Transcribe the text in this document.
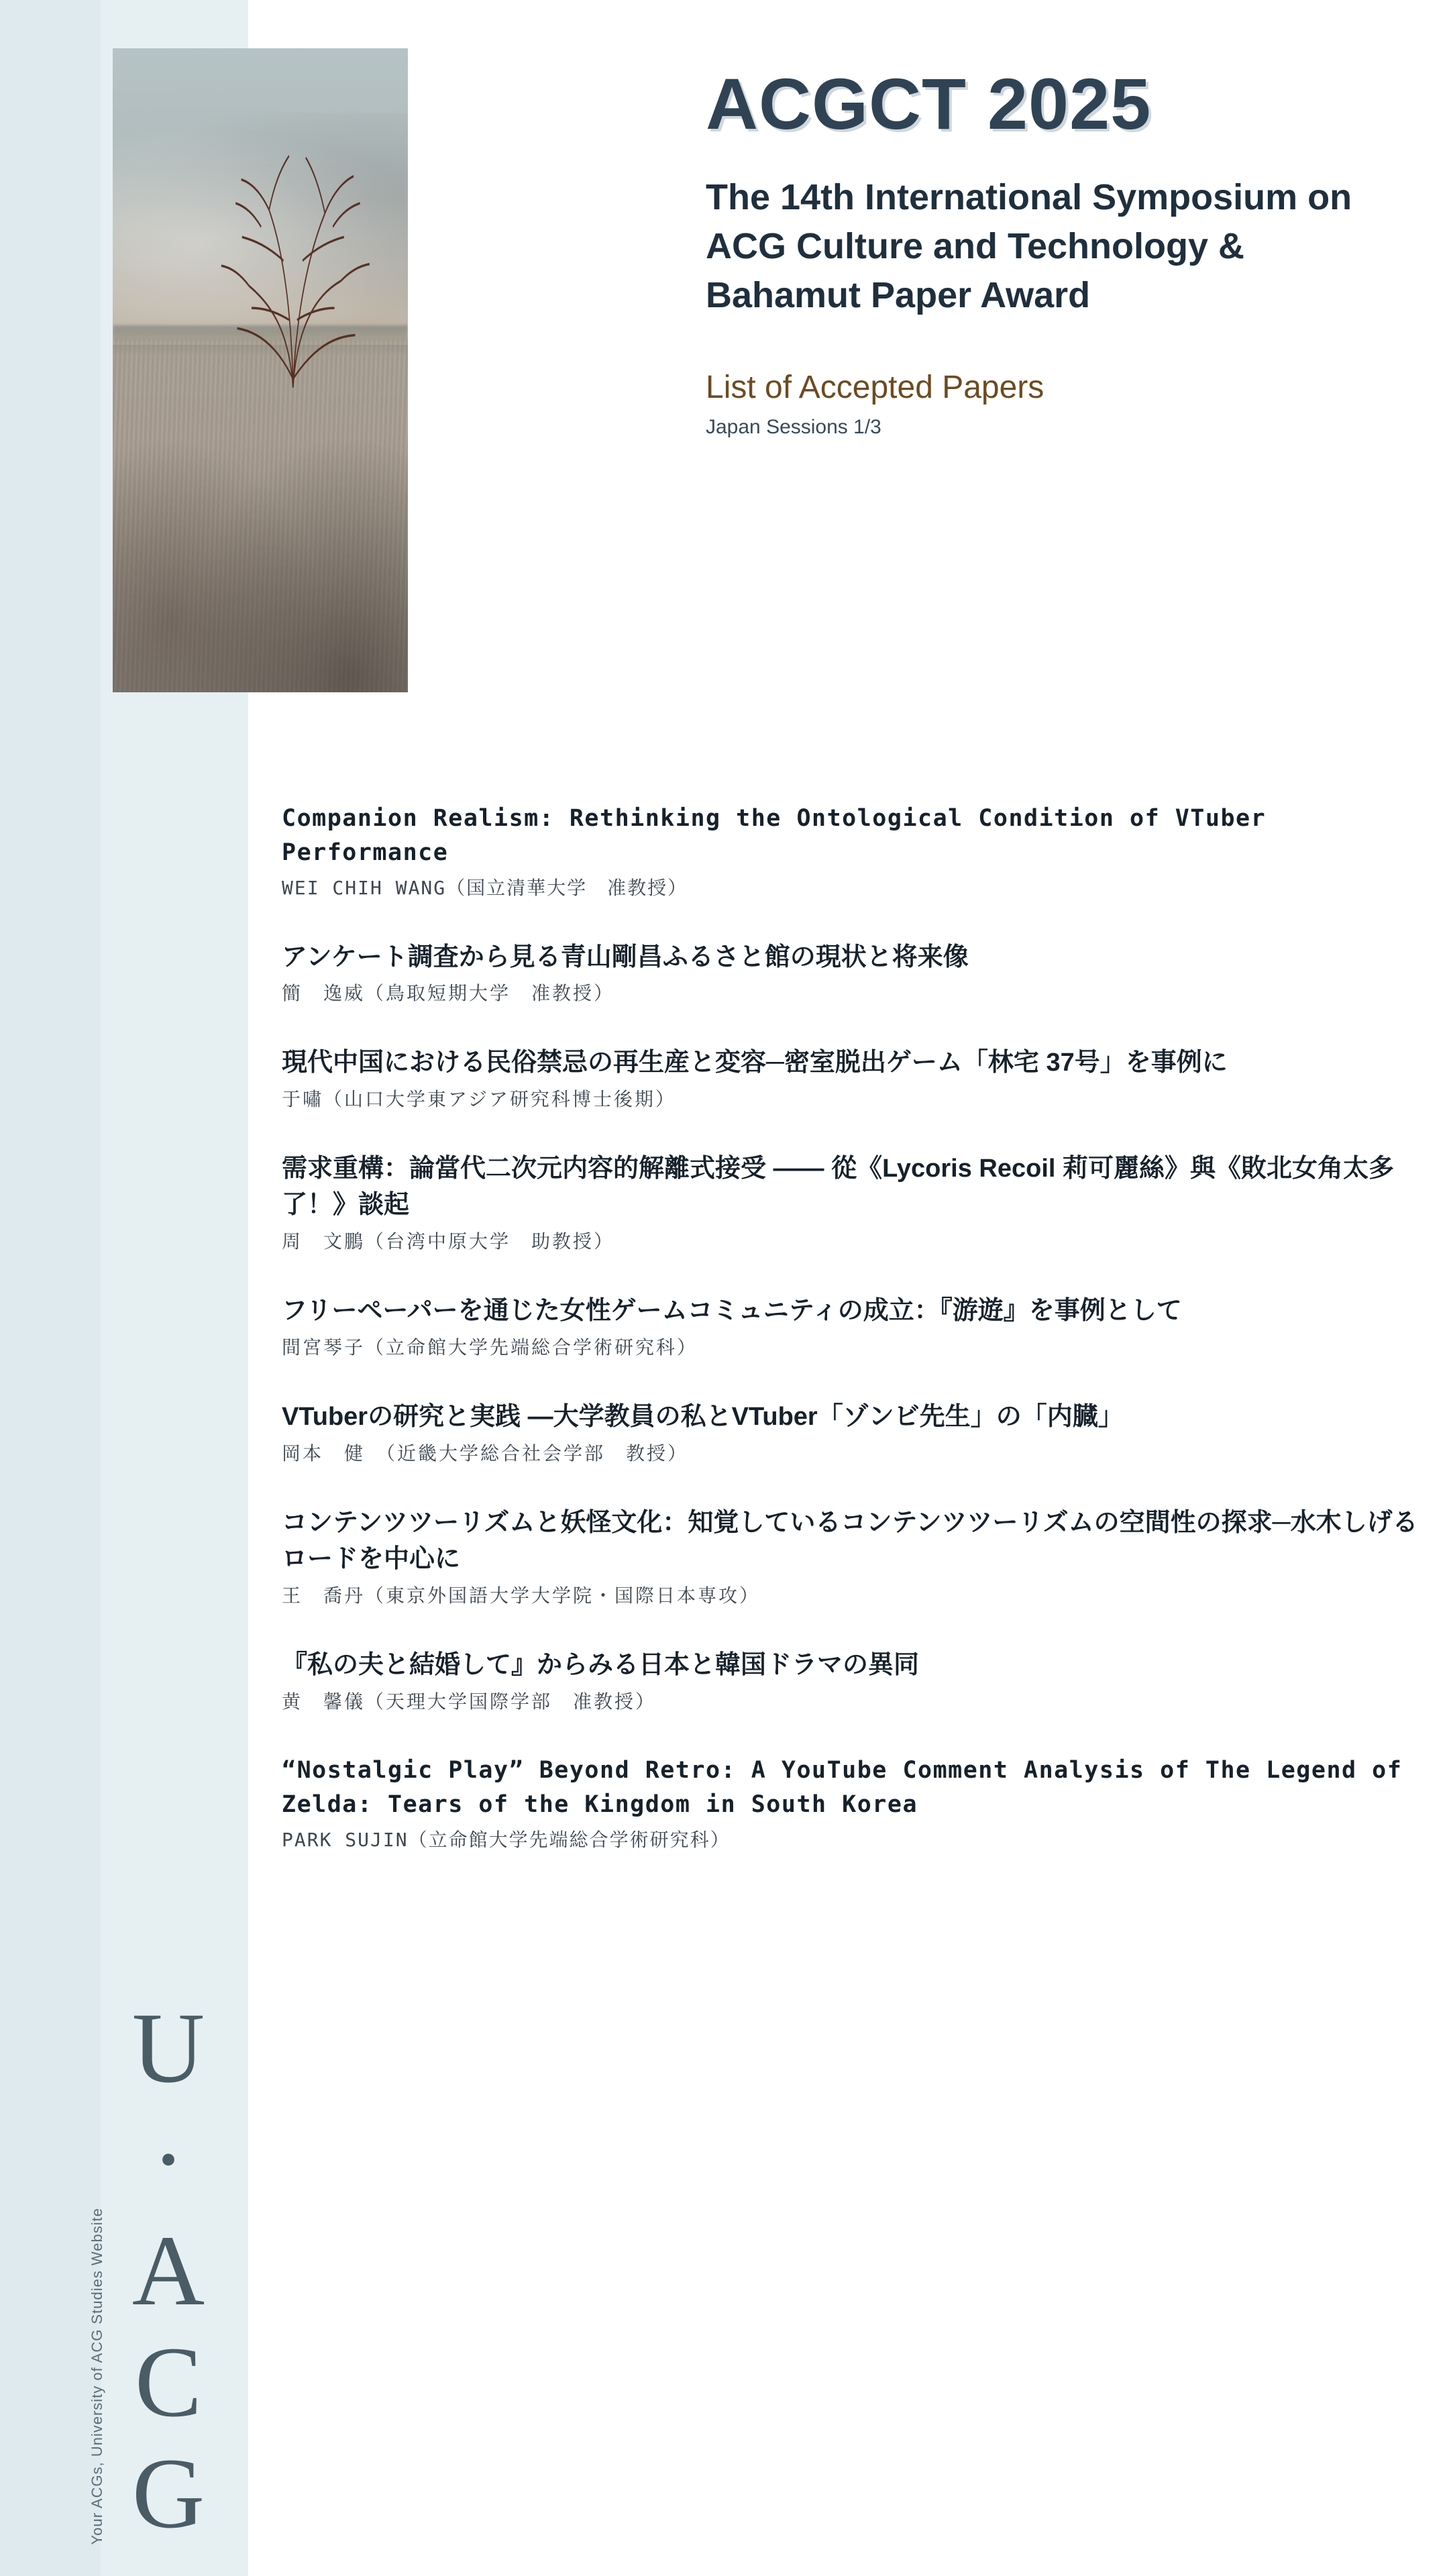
ACGCT 2025
The 14th International Symposium on ACG Culture and Technology & Bahamut Paper Award
List of Accepted Papers
Japan Sessions 1/3

Companion Realism: Rethinking the Ontological Condition of VTuber Performance

WEI CHIH WANG（国立清華大学　准教授）

アンケート調査から見る青山剛昌ふるさと館の現状と将来像

簡　逸威（鳥取短期大学　准教授）

現代中国における民俗禁忌の再生産と変容─密室脱出ゲーム「林宅 37号」を事例に

于嘯（山口大学東アジア研究科博士後期）

需求重構：論當代二次元内容的解離式接受 ―― 從《Lycoris Recoil 莉可麗絲》與《敗北女角太多了！》談起

周　文鵬（台湾中原大学　助教授）

フリーペーパーを通じた女性ゲームコミュニティの成立：『游遊』を事例として

間宮琴子（立命館大学先端総合学術研究科）

VTuberの研究と実践 ―大学教員の私とVTuber「ゾンビ先生」の「内臓」

岡本　健　（近畿大学総合社会学部　教授）

コンテンツツーリズムと妖怪文化：知覚しているコンテンツツーリズムの空間性の探求─水木しげるロードを中心に

王　喬丹（東京外国語大学大学院・国際日本専攻）

『私の夫と結婚して』からみる日本と韓国ドラマの異同

黄　馨儀（天理大学国際学部　准教授）

“Nostalgic Play” Beyond Retro: A YouTube Comment Analysis of The Legend of Zelda: Tears of the Kingdom in South Korea

PARK SUJIN（立命館大学先端総合学術研究科）

U·ACG
Your ACGs, University of ACG Studies Website
